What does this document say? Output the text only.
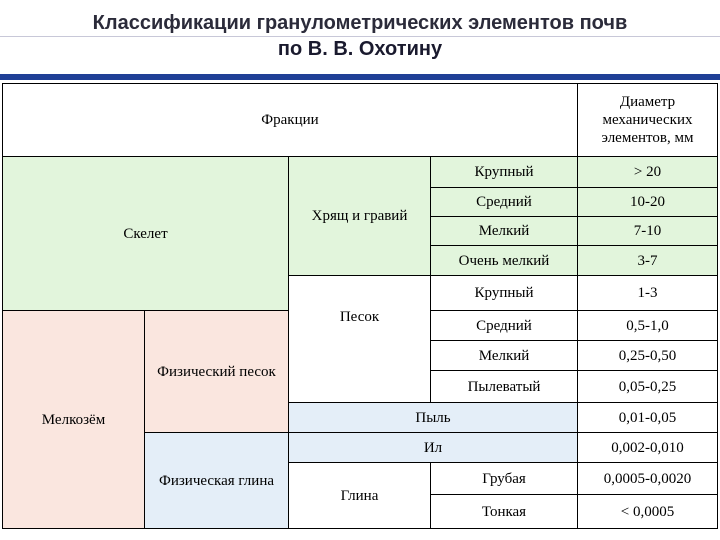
Классификации гранулометрических элементов почв
по В. В. Охотину
Фракции
Диаметр механических элементов, мм
Скелет
Хрящ и гравий
Мелкозём
Физический песок
Песок
Пыль
Физическая глина
Ил
Глина
Крупный
Средний
Мелкий
Очень мелкий
Крупный
Средний
Мелкий
Пылеватый
Грубая
Тонкая
> 20
10-20
7-10
3-7
1-3
0,5-1,0
0,25-0,50
0,05-0,25
0,01-0,05
0,002-0,010
0,0005-0,0020
< 0,0005
